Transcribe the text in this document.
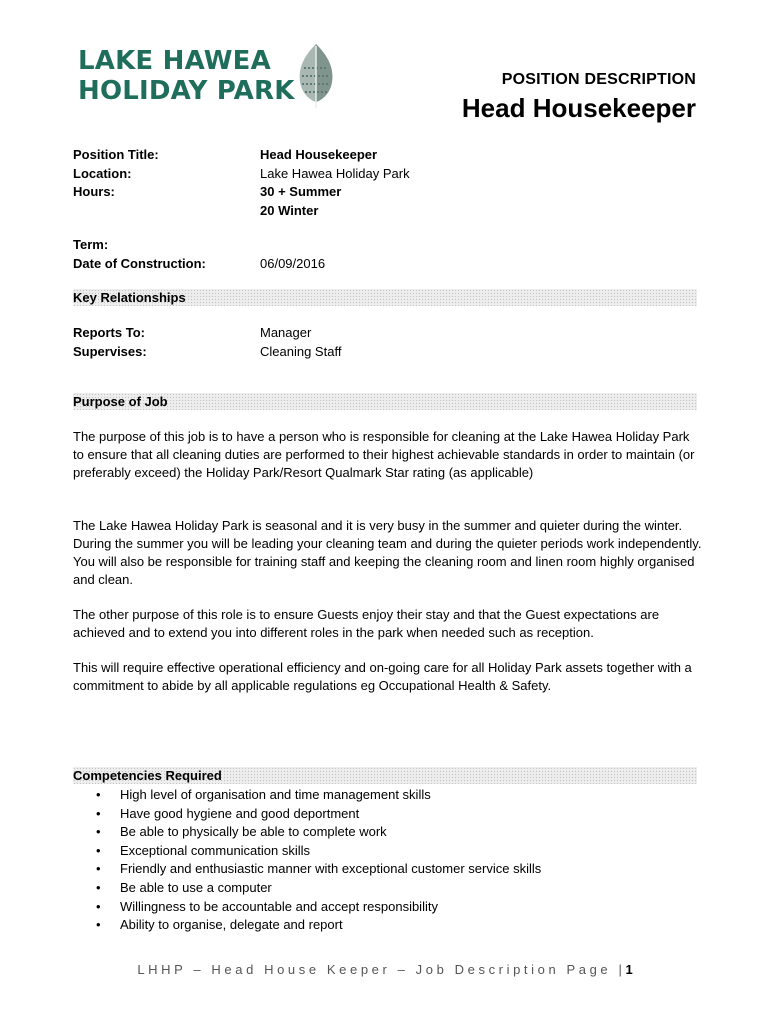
LAKE HAWEA
HOLIDAY PARK	POSITION DESCRIPTION
Head Housekeeper
Position Title:	Head Housekeeper
Location:	Lake Hawea Holiday Park
Hours:	30 + Summer
20 Winter
Term:
Date of Construction:	06/09/2016
Key Relationships
Reports To:	Manager
Supervises:	Cleaning Staff
Purpose of Job

The purpose of this job is to have a person who is responsible for cleaning at the Lake Hawea Holiday Park to ensure that all cleaning duties are performed to their highest achievable standards in order to maintain (or preferably exceed) the Holiday Park/Resort Qualmark Star rating (as applicable)

The Lake Hawea Holiday Park is seasonal and it is very busy in the summer and quieter during the winter. During the summer you will be leading your cleaning team and during the quieter periods work independently. You will also be responsible for training staff and keeping the cleaning room and linen room highly organised and clean.

The other purpose of this role is to ensure Guests enjoy their stay and that the Guest expectations are achieved and to extend you into different roles in the park when needed such as reception.

This will require effective operational efficiency and on-going care for all Holiday Park assets together with a commitment to abide by all applicable regulations eg Occupational Health & Safety.

Competencies Required
• High level of organisation and time management skills
• Have good hygiene and good deportment
• Be able to physically be able to complete work
• Exceptional communication skills
• Friendly and enthusiastic manner with exceptional customer service skills
• Be able to use a computer
• Willingness to be accountable and accept responsibility
• Ability to organise, delegate and report
LHHP – Head House Keeper – Job Description Page |1
